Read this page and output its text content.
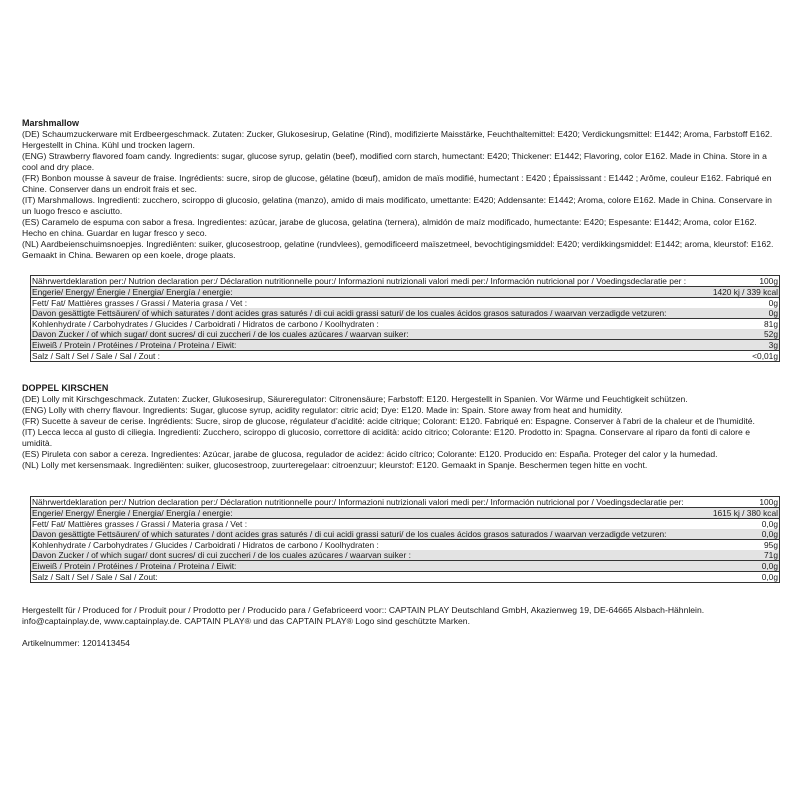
Marshmallow
(DE) Schaumzuckerware mit Erdbeergeschmack. Zutaten: Zucker, Glukosesirup, Gelatine (Rind), modifizierte Maisstärke, Feuchthaltemittel: E420; Verdickungsmittel: E1442; Aroma, Farbstoff E162. Hergestellt in China. Kühl und trocken lagern.
(ENG) Strawberry flavored foam candy. Ingredients: sugar, glucose syrup, gelatin (beef), modified corn starch, humectant: E420; Thickener: E1442; Flavoring, color E162. Made in China. Store in a cool and dry place.
(FR) Bonbon mousse à saveur de fraise. Ingrédients: sucre, sirop de glucose, gélatine (bœuf), amidon de maïs modifié, humectant : E420 ; Épaississant : E1442 ; Arôme, couleur E162. Fabriqué en Chine. Conserver dans un endroit frais et sec.
(IT) Marshmallows. Ingredienti: zucchero, sciroppo di glucosio, gelatina (manzo), amido di mais modificato, umettante: E420; Addensante: E1442; Aroma, colore E162. Made in China. Conservare in un luogo fresco e asciutto.
(ES) Caramelo de espuma con sabor a fresa. Ingredientes: azúcar, jarabe de glucosa, gelatina (ternera), almidón de maíz modificado, humectante: E420; Espesante: E1442; Aroma, color E162. Hecho en china. Guardar en lugar fresco y seco.
(NL) Aardbeienschuimsnoepjes. Ingrediënten: suiker, glucosestroop, gelatine (rundvlees), gemodificeerd maïszetmeel, bevochtigingsmiddel: E420; verdikkingsmiddel: E1442; aroma, kleurstof: E162. Gemaakt in China. Bewaren op een koele, droge plaats.
Nährwertdeklaration per:/ Nutrion declaration per:/ Déclaration nutritionnelle pour:/ Informazioni nutrizionali valori medi per:/ Información nutricional por / Voedingsdeclaratie per :	100g
Engerie/ Energy/ Énergie / Energia/ Energía / energie:	1420 kj / 339 kcal
Fett/ Fat/ Mattières grasses / Grassi / Materia grasa / Vet :	0g
Davon gesättigte Fettsäuren/ of which saturates / dont acides gras saturés / di cui acidi grassi saturi/ de los cuales ácidos grasos saturados / waarvan verzadigde vetzuren:	0g
Kohlenhydrate / Carbohydrates / Glucides / Carboidrati / Hidratos de carbono / Koolhydraten :	81g
Davon Zucker / of which sugar/ dont sucres/ di cui zuccheri / de los cuales azúcares / waarvan suiker:	52g
Eiweiß / Protein / Protéines / Proteina / Proteina / Eiwit:	3g
Salz / Salt / Sel / Sale / Sal / Zout :	<0,01g
DOPPEL KIRSCHEN
(DE) Lolly mit Kirschgeschmack. Zutaten: Zucker, Glukosesirup, Säureregulator: Citronensäure; Farbstoff: E120. Hergestellt in Spanien. Vor Wärme und Feuchtigkeit schützen.
(ENG) Lolly with cherry flavour. Ingredients: Sugar, glucose syrup, acidity regulator: citric acid; Dye: E120. Made in: Spain. Store away from heat and humidity.
(FR) Sucette à saveur de cerise. Ingrédients: Sucre, sirop de glucose, régulateur d'acidité: acide citrique; Colorant: E120. Fabriqué en: Espagne. Conserver à l'abri de la chaleur et de l'humidité.
(IT) Lecca lecca al gusto di ciliegia. Ingredienti: Zucchero, sciroppo di glucosio, correttore di acidità: acido citrico; Colorante: E120. Prodotto in: Spagna. Conservare al riparo da fonti di calore e umidità.
(ES) Piruleta con sabor a cereza. Ingredientes: Azúcar, jarabe de glucosa, regulador de acidez: ácido cítrico; Colorante: E120. Producido en: España. Proteger del calor y la humedad.
(NL) Lolly met kersensmaak. Ingrediënten: suiker, glucosestroop, zuurteregelaar: citroenzuur; kleurstof: E120. Gemaakt in Spanje. Beschermen tegen hitte en vocht.
Nährwertdeklaration per:/ Nutrion declaration per:/ Déclaration nutritionnelle pour:/ Informazioni nutrizionali valori medi per:/ Información nutricional por / Voedingsdeclaratie per:	100g
Engerie/ Energy/ Énergie / Energia/ Energía / energie:	1615 kj / 380 kcal
Fett/ Fat/ Mattières grasses / Grassi / Materia grasa / Vet :	0,0g
Davon gesättigte Fettsäuren/ of which saturates / dont acides gras saturés / di cui acidi grassi saturi/ de los cuales ácidos grasos saturados / waarvan verzadigde vetzuren:	0,0g
Kohlenhydrate / Carbohydrates / Glucides / Carboidrati / Hidratos de carbono / Koolhydraten :	95g
Davon Zucker / of which sugar/ dont sucres/ di cui zuccheri / de los cuales azúcares / waarvan suiker :	71g
Eiweiß / Protein / Protéines / Proteina / Proteina / Eiwit:	0,0g
Salz / Salt / Sel / Sale / Sal / Zout:	0,0g
Hergestellt für / Produced for / Produit pour / Prodotto per / Producido para / Gefabriceerd voor:: CAPTAIN PLAY Deutschland GmbH, Akazienweg 19, DE-64665 Alsbach-Hähnlein. info@captainplay.de, www.captainplay.de. CAPTAIN PLAY® und das CAPTAIN PLAY® Logo sind geschützte Marken.
Artikelnummer: 1201413454
